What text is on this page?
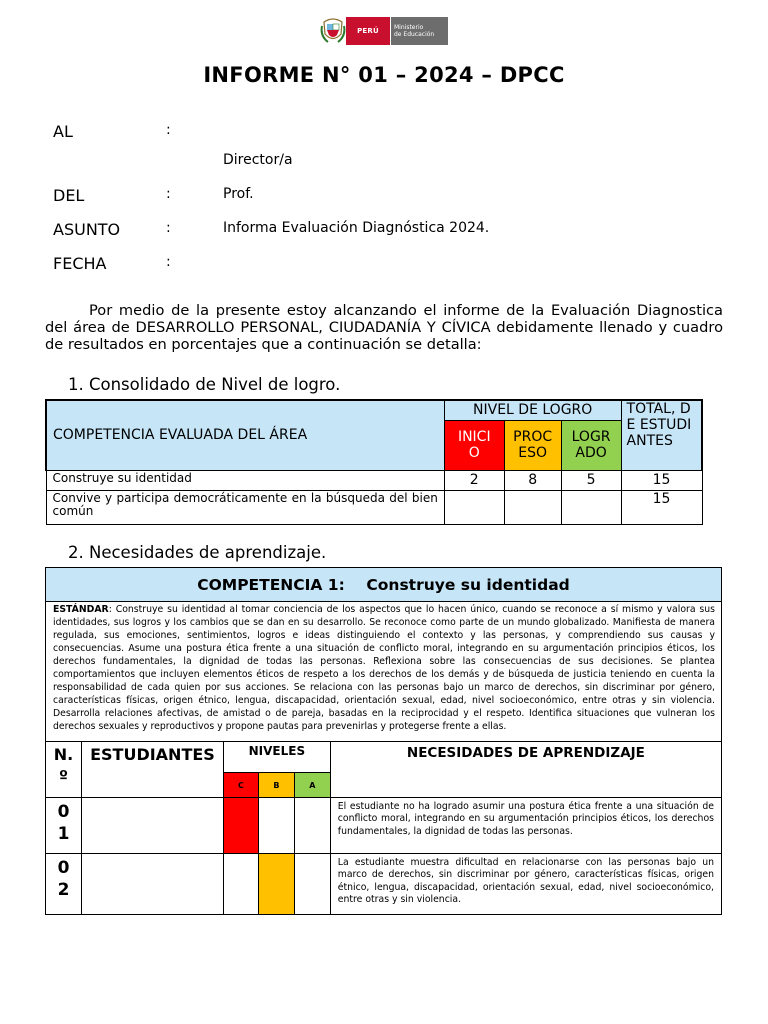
PERÚ	Ministerio
de Educación
INFORME N° 01 – 2024 – DPCC
AL	:
Director/a
DEL	:	Prof.
ASUNTO	:	Informa Evaluación Diagnóstica 2024.
FECHA	:
Por medio de la presente estoy alcanzando el informe de la Evaluación Diagnostica del área de DESARROLLO PERSONAL, CIUDADANÍA Y CÍVICA debidamente llenado y cuadro de resultados en porcentajes que a continuación se detalla:
1. Consolidado de Nivel de logro.
COMPETENCIA EVALUADA DEL ÁREA	NIVEL DE LOGRO			TOTAL, DE ESTUDIANTES

	INICIO	PROCESO	LOGRADO	

Construye su identidad	2	8	5	15
Convive y participa democráticamente en la búsqueda del bien común				15
2. Necesidades de aprendizaje.
COMPETENCIA 1: Construye su identidad					
ESTÁNDAR: Construye su identidad al tomar conciencia de los aspectos que lo hacen único, cuando se reconoce a sí mismo y valora sus identidades, sus logros y los cambios que se dan en su desarrollo. Se reconoce como parte de un mundo globalizado. Manifiesta de manera regulada, sus emociones, sentimientos, logros e ideas distinguiendo el contexto y las personas, y comprendiendo sus causas y consecuencias. Asume una postura ética frente a una situación de conflicto moral, integrando en su argumentación principios éticos, los derechos fundamentales, la dignidad de todas las personas. Reflexiona sobre las consecuencias de sus decisiones. Se plantea comportamientos que incluyen elementos éticos de respeto a los derechos de los demás y de búsqueda de justicia teniendo en cuenta la responsabilidad de cada quien por sus acciones. Se relaciona con las personas bajo un marco de derechos, sin discriminar por género, características físicas, origen étnico, lengua, discapacidad, orientación sexual, edad, nivel socioeconómico, entre otras y sin violencia. Desarrolla relaciones afectivas, de amistad o de pareja, basadas en la reciprocidad y el respeto. Identifica situaciones que vulneran los derechos sexuales y reproductivos y propone pautas para prevenirlas y protegerse frente a ellas.					

N. º	ESTUDIANTES	NIVELES			NECESIDADES DE APRENDIZAJE
		C	B	A	

01					El estudiante no ha logrado asumir una postura ética frente a una situación de conflicto moral, integrando en su argumentación principios éticos, los derechos fundamentales, la dignidad de todas las personas.

02					La estudiante muestra dificultad en relacionarse con las personas bajo un marco de derechos, sin discriminar por género, características físicas, origen étnico, lengua, discapacidad, orientación sexual, edad, nivel socioeconómico, entre otras y sin violencia.
